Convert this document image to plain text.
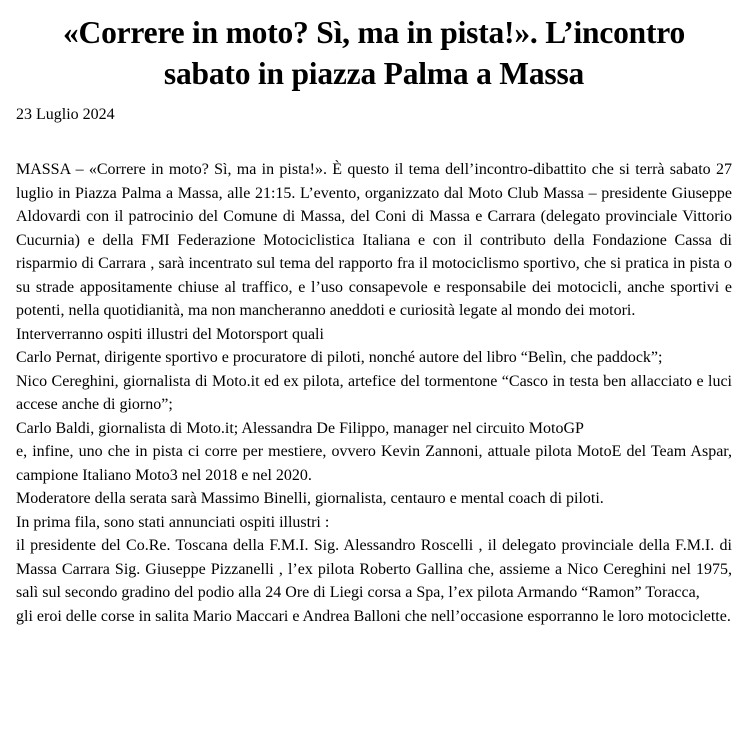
«Correre in moto? Sì, ma in pista!». L’incontro sabato in piazza Palma a Massa
23 Luglio 2024

MASSA – «Correre in moto? Sì, ma in pista!». È questo il tema dell’incontro-dibattito che si terrà sabato 27 luglio in Piazza Palma a Massa, alle 21:15. L’evento, organizzato dal Moto Club Massa – presidente Giuseppe Aldovardi con il patrocinio del Comune di Massa, del Coni di Massa e Carrara (delegato provinciale Vittorio Cucurnia) e della FMI Federazione Motociclistica Italiana e con il contributo della Fondazione Cassa di risparmio di Carrara , sarà incentrato sul tema del rapporto fra il motociclismo sportivo, che si pratica in pista o su strade appositamente chiuse al traffico, e l’uso consapevole e responsabile dei motocicli, anche sportivi e potenti, nella quotidianità, ma non mancheranno aneddoti e curiosità legate al mondo dei motori.

Interverranno ospiti illustri del Motorsport quali

Carlo Pernat, dirigente sportivo e procuratore di piloti, nonché autore del libro “Belìn, che paddock”;

Nico Cereghini, giornalista di Moto.it ed ex pilota, artefice del tormentone “Casco in testa ben allacciato e luci accese anche di giorno”;

Carlo Baldi, giornalista di Moto.it; Alessandra De Filippo, manager nel circuito MotoGP

e, infine, uno che in pista ci corre per mestiere, ovvero Kevin Zannoni, attuale pilota MotoE del Team Aspar, campione Italiano Moto3 nel 2018 e nel 2020.

Moderatore della serata sarà Massimo Binelli, giornalista, centauro e mental coach di piloti.

In prima fila, sono stati annunciati ospiti illustri :

il presidente del Co.Re. Toscana della F.M.I. Sig. Alessandro Roscelli , il delegato provinciale della F.M.I. di Massa Carrara Sig. Giuseppe Pizzanelli , l’ex pilota Roberto Gallina che, assieme a Nico Cereghini nel 1975, salì sul secondo gradino del podio alla 24 Ore di Liegi corsa a Spa, l’ex pilota Armando “Ramon” Toracca,

gli eroi delle corse in salita Mario Maccari e Andrea Balloni che nell’occasione esporranno le loro motociclette.
